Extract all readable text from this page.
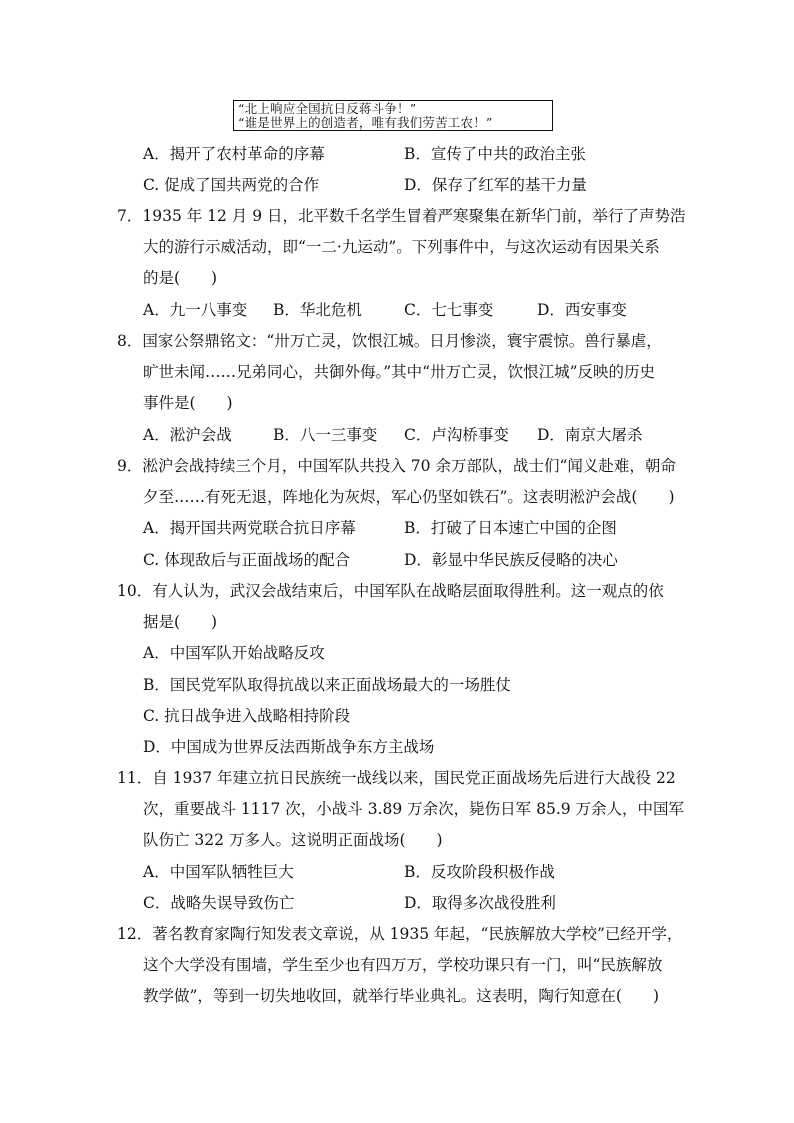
“北上响应全国抗日反蒋斗争！”
“谁是世界上的创造者，唯有我们劳苦工农！”
A．揭开了农村革命的序幕	B．宣传了中共的政治主张
C. 促成了国共两党的合作	D．保存了红军的基干力量
7．1935 年 12 月 9 日，北平数千名学生冒着严寒聚集在新华门前，举行了声势浩
大的游行示威活动，即“一二·九运动”。下列事件中，与这次运动有因果关系
的是(　　)
A．九一八事变 B．华北危机	C．七七事变	D．西安事变
8．国家公祭鼎铭文：“卅万亡灵，饮恨江城。日月惨淡，寰宇震惊。兽行暴虐，
旷世未闻……兄弟同心，共御外侮。”其中“卅万亡灵，饮恨江城”反映的历史
事件是(　　)
A．淞沪会战	B．八一三事变 C．卢沟桥事变 D．南京大屠杀
9．淞沪会战持续三个月，中国军队共投入 70 余万部队，战士们“闻义赴难，朝命
夕至……有死无退，阵地化为灰烬，军心仍坚如铁石”。这表明淞沪会战(　　)
A．揭开国共两党联合抗日序幕	B．打破了日本速亡中国的企图
C. 体现敌后与正面战场的配合	D．彰显中华民族反侵略的决心
10．有人认为，武汉会战结束后，中国军队在战略层面取得胜利。这一观点的依
据是(　　)
A．中国军队开始战略反攻
B．国民党军队取得抗战以来正面战场最大的一场胜仗
C. 抗日战争进入战略相持阶段
D．中国成为世界反法西斯战争东方主战场
11．自 1937 年建立抗日民族统一战线以来，国民党正面战场先后进行大战役 22
次，重要战斗 1117 次，小战斗 3.89 万余次，毙伤日军 85.9 万余人，中国军
队伤亡 322 万多人。这说明正面战场(　　)
A．中国军队牺牲巨大	B．反攻阶段积极作战
C．战略失误导致伤亡	D．取得多次战役胜利
12．著名教育家陶行知发表文章说，从 1935 年起，“民族解放大学校”已经开学，
这个大学没有围墙，学生至少也有四万万，学校功课只有一门，叫“民族解放
教学做”，等到一切失地收回，就举行毕业典礼。这表明，陶行知意在(　　)
